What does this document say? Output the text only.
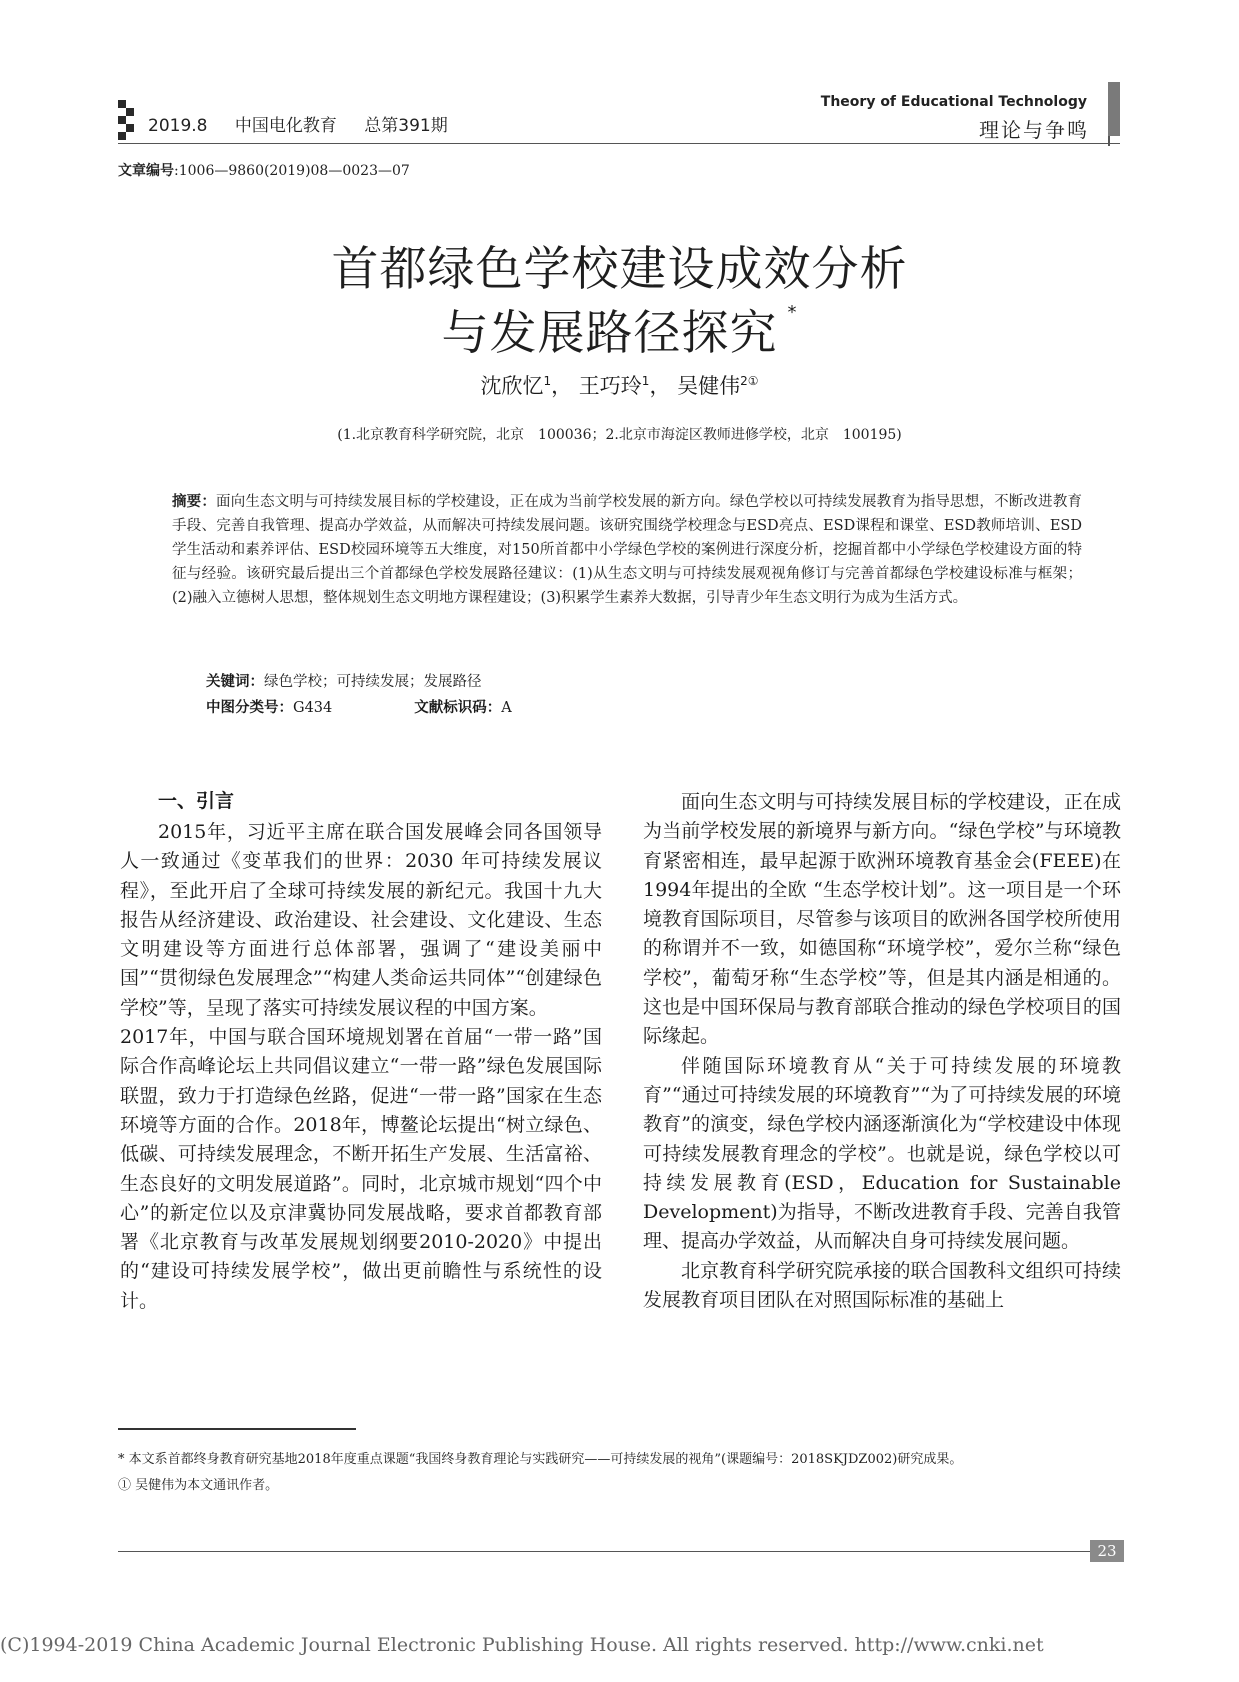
2019.8 中国电化教育 总第391期
Theory of Educational Technology
理论与争鸣
文章编号:1006—9860(2019)08—0023—07
首都绿色学校建设成效分析
与发展路径探究 *
沈欣忆$^1$， 王巧玲$^1$， 吴健伟$^{2①}$
(1.北京教育科学研究院，北京　100036；2.北京市海淀区教师进修学校，北京　100195)
摘要：面向生态文明与可持续发展目标的学校建设，正在成为当前学校发展的新方向。绿色学校以可持续发展教育为指导思想，不断改进教育手段、完善自我管理、提高办学效益，从而解决可持续发展问题。该研究围绕学校理念与ESD亮点、ESD课程和课堂、ESD教师培训、ESD学生活动和素养评估、ESD校园环境等五大维度，对150所首都中小学绿色学校的案例进行深度分析，挖掘首都中小学绿色学校建设方面的特征与经验。该研究最后提出三个首都绿色学校发展路径建议：(1)从生态文明与可持续发展观视角修订与完善首都绿色学校建设标准与框架；(2)融入立德树人思想，整体规划生态文明地方课程建设；(3)积累学生素养大数据，引导青少年生态文明行为成为生活方式。
关键词：绿色学校；可持续发展；发展路径
中图分类号：G434	文献标识码：A
一、引言

2015年，习近平主席在联合国发展峰会同各国领导人一致通过《变革我们的世界：2030 年可持续发展议程》，至此开启了全球可持续发展的新纪元。我国十九大报告从经济建设、政治建设、社会建设、文化建设、生态文明建设等方面进行总体部署，强调了“建设美丽中国”“贯彻绿色发展理念”“构建人类命运共同体”“创建绿色学校”等，呈现了落实可持续发展议程的中国方案。

2017年，中国与联合国环境规划署在首届“一带一路”国际合作高峰论坛上共同倡议建立“一带一路”绿色发展国际联盟，致力于打造绿色丝路，促进“一带一路”国家在生态环境等方面的合作。2018年，博鳌论坛提出“树立绿色、低碳、可持续发展理念，不断开拓生产发展、生活富裕、生态良好的文明发展道路”。同时，北京城市规划“四个中心”的新定位以及京津冀协同发展战略，要求首都教育部署《北京教育与改革发展规划纲要2010-2020》中提出的“建设可持续发展学校”，做出更前瞻性与系统性的设计。

面向生态文明与可持续发展目标的学校建设，正在成为当前学校发展的新境界与新方向。“绿色学校”与环境教育紧密相连，最早起源于欧洲环境教育基金会(FEEE)在1994年提出的全欧 “生态学校计划”。这一项目是一个环境教育国际项目，尽管参与该项目的欧洲各国学校所使用的称谓并不一致，如德国称“环境学校”，爱尔兰称“绿色学校”，葡萄牙称“生态学校”等，但是其内涵是相通的。这也是中国环保局与教育部联合推动的绿色学校项目的国际缘起。

伴随国际环境教育从“关于可持续发展的环境教育”“通过可持续发展的环境教育”“为了可持续发展的环境教育”的演变，绿色学校内涵逐渐演化为“学校建设中体现可持续发展教育理念的学校”。也就是说，绿色学校以可持续发展教育(ESD，Education for Sustainable Development)为指导，不断改进教育手段、完善自我管理、提高办学效益，从而解决自身可持续发展问题。

北京教育科学研究院承接的联合国教科文组织可持续发展教育项目团队在对照国际标准的基础上

* 本文系首都终身教育研究基地2018年度重点课题“我国终身教育理论与实践研究——可持续发展的视角”(课题编号：2018SKJDZ002)研究成果。

① 吴健伟为本文通讯作者。

23
(C)1994-2019 China Academic Journal Electronic Publishing House. All rights reserved. http://www.cnki.net
